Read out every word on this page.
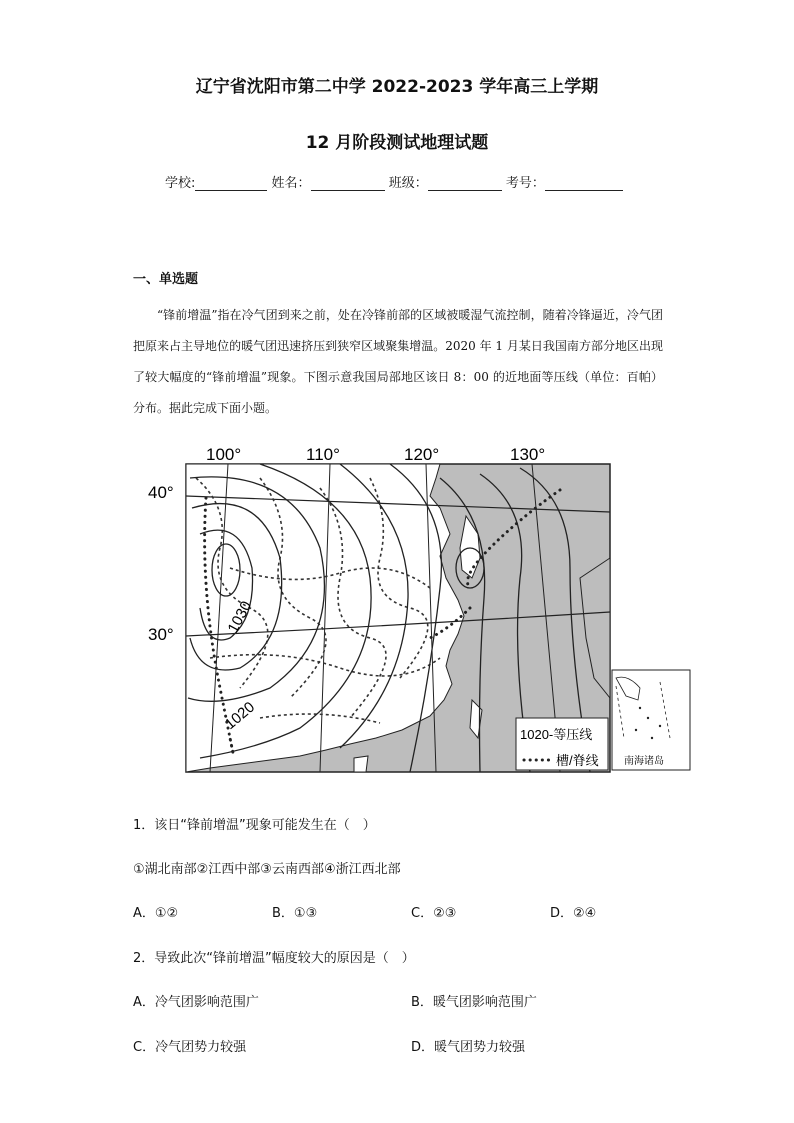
辽宁省沈阳市第二中学 2022-2023 学年高三上学期
12 月阶段测试地理试题
学校:	姓名：	班级：	考号：
一、单选题

“锋前增温”指在冷气团到来之前，处在冷锋前部的区域被暖湿气流控制，随着冷锋逼近，冷气团把原来占主导地位的暖气团迅速挤压到狭窄区域聚集增温。2020 年 1 月某日我国南方部分地区出现了较大幅度的“锋前增温”现象。下图示意我国局部地区该日 8：00 的近地面等压线（单位：百帕）分布。据此完成下面小题。

100°	110°	120°	130°
40°
30°	1030
1020
1020-等压线
槽/脊线	南海诸岛
1．该日“锋前增温”现象可能发生在（　）
①湖北南部②江西中部③云南西部④浙江西北部
A．①②	B．①③	C．②③	D．②④
2．导致此次“锋前增温”幅度较大的原因是（　）
A．冷气团影响范围广	B．暖气团影响范围广
C．冷气团势力较强	D．暖气团势力较强
